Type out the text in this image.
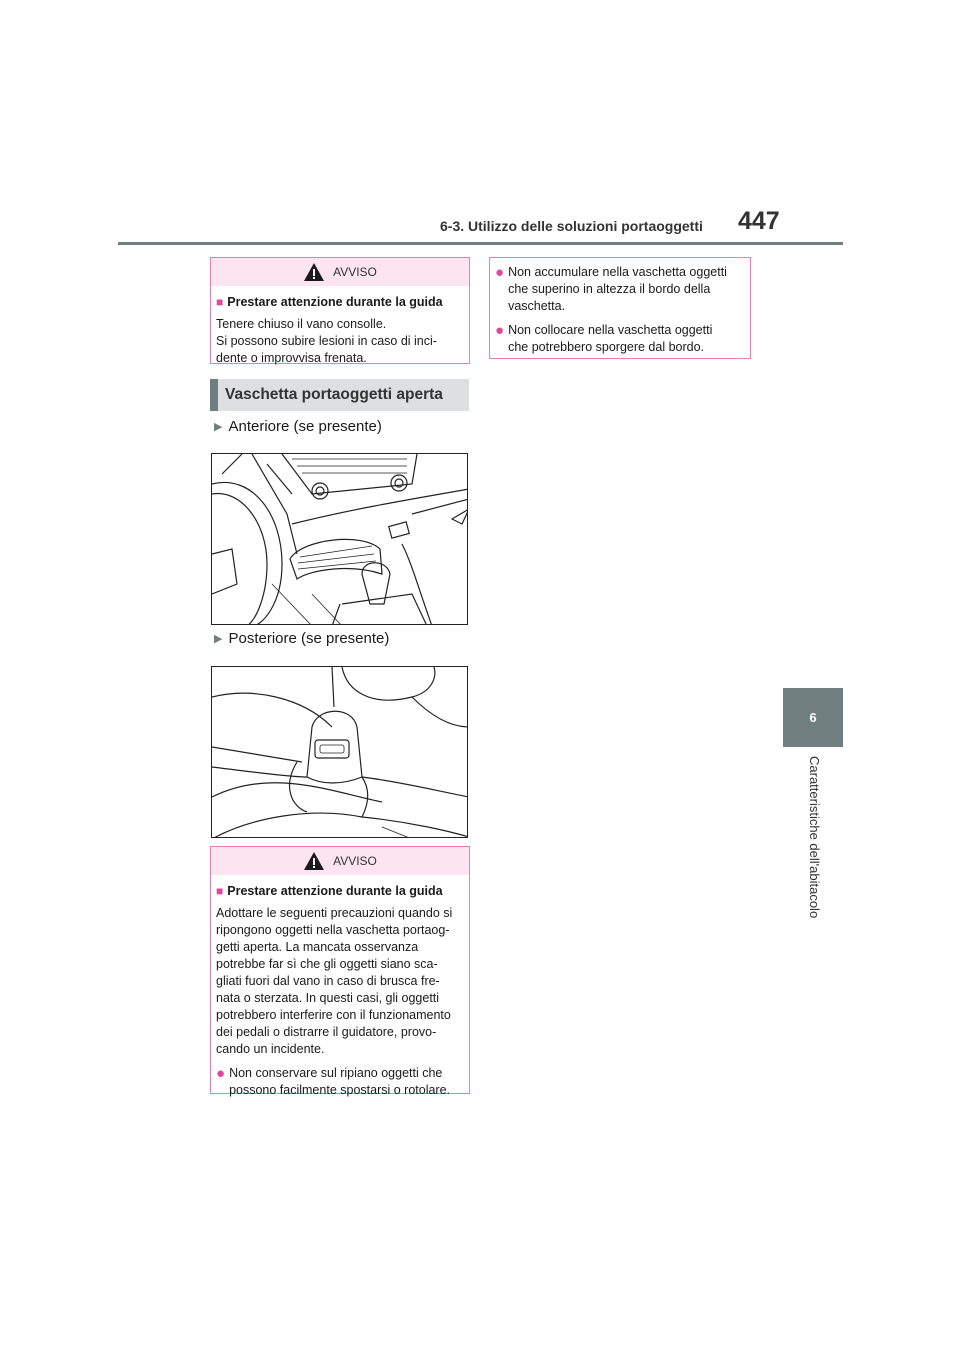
6-3. Utilizzo delle soluzioni portaoggetti 447
6
Caratteristiche dell'abitacolo
AVVISO
■ Prestare attenzione durante la guida
Tenere chiuso il vano consolle.
Si possono subire lesioni in caso di inci-
dente o improvvisa frenata.
Vaschetta portaoggetti aperta
▶ Anteriore (se presente)
▶ Posteriore (se presente)
AVVISO
■ Prestare attenzione durante la guida
Adottare le seguenti precauzioni quando si
ripongono oggetti nella vaschetta portaog-
getti aperta. La mancata osservanza
potrebbe far sì che gli oggetti siano sca-
gliati fuori dal vano in caso di brusca fre-
nata o sterzata. In questi casi, gli oggetti
potrebbero interferire con il funzionamento
dei pedali o distrarre il guidatore, provo-
cando un incidente.
● Non conservare sul ripiano oggetti che
possono facilmente spostarsi o rotolare.
● Non accumulare nella vaschetta oggetti
che superino in altezza il bordo della
vaschetta.
● Non collocare nella vaschetta oggetti
che potrebbero sporgere dal bordo.
